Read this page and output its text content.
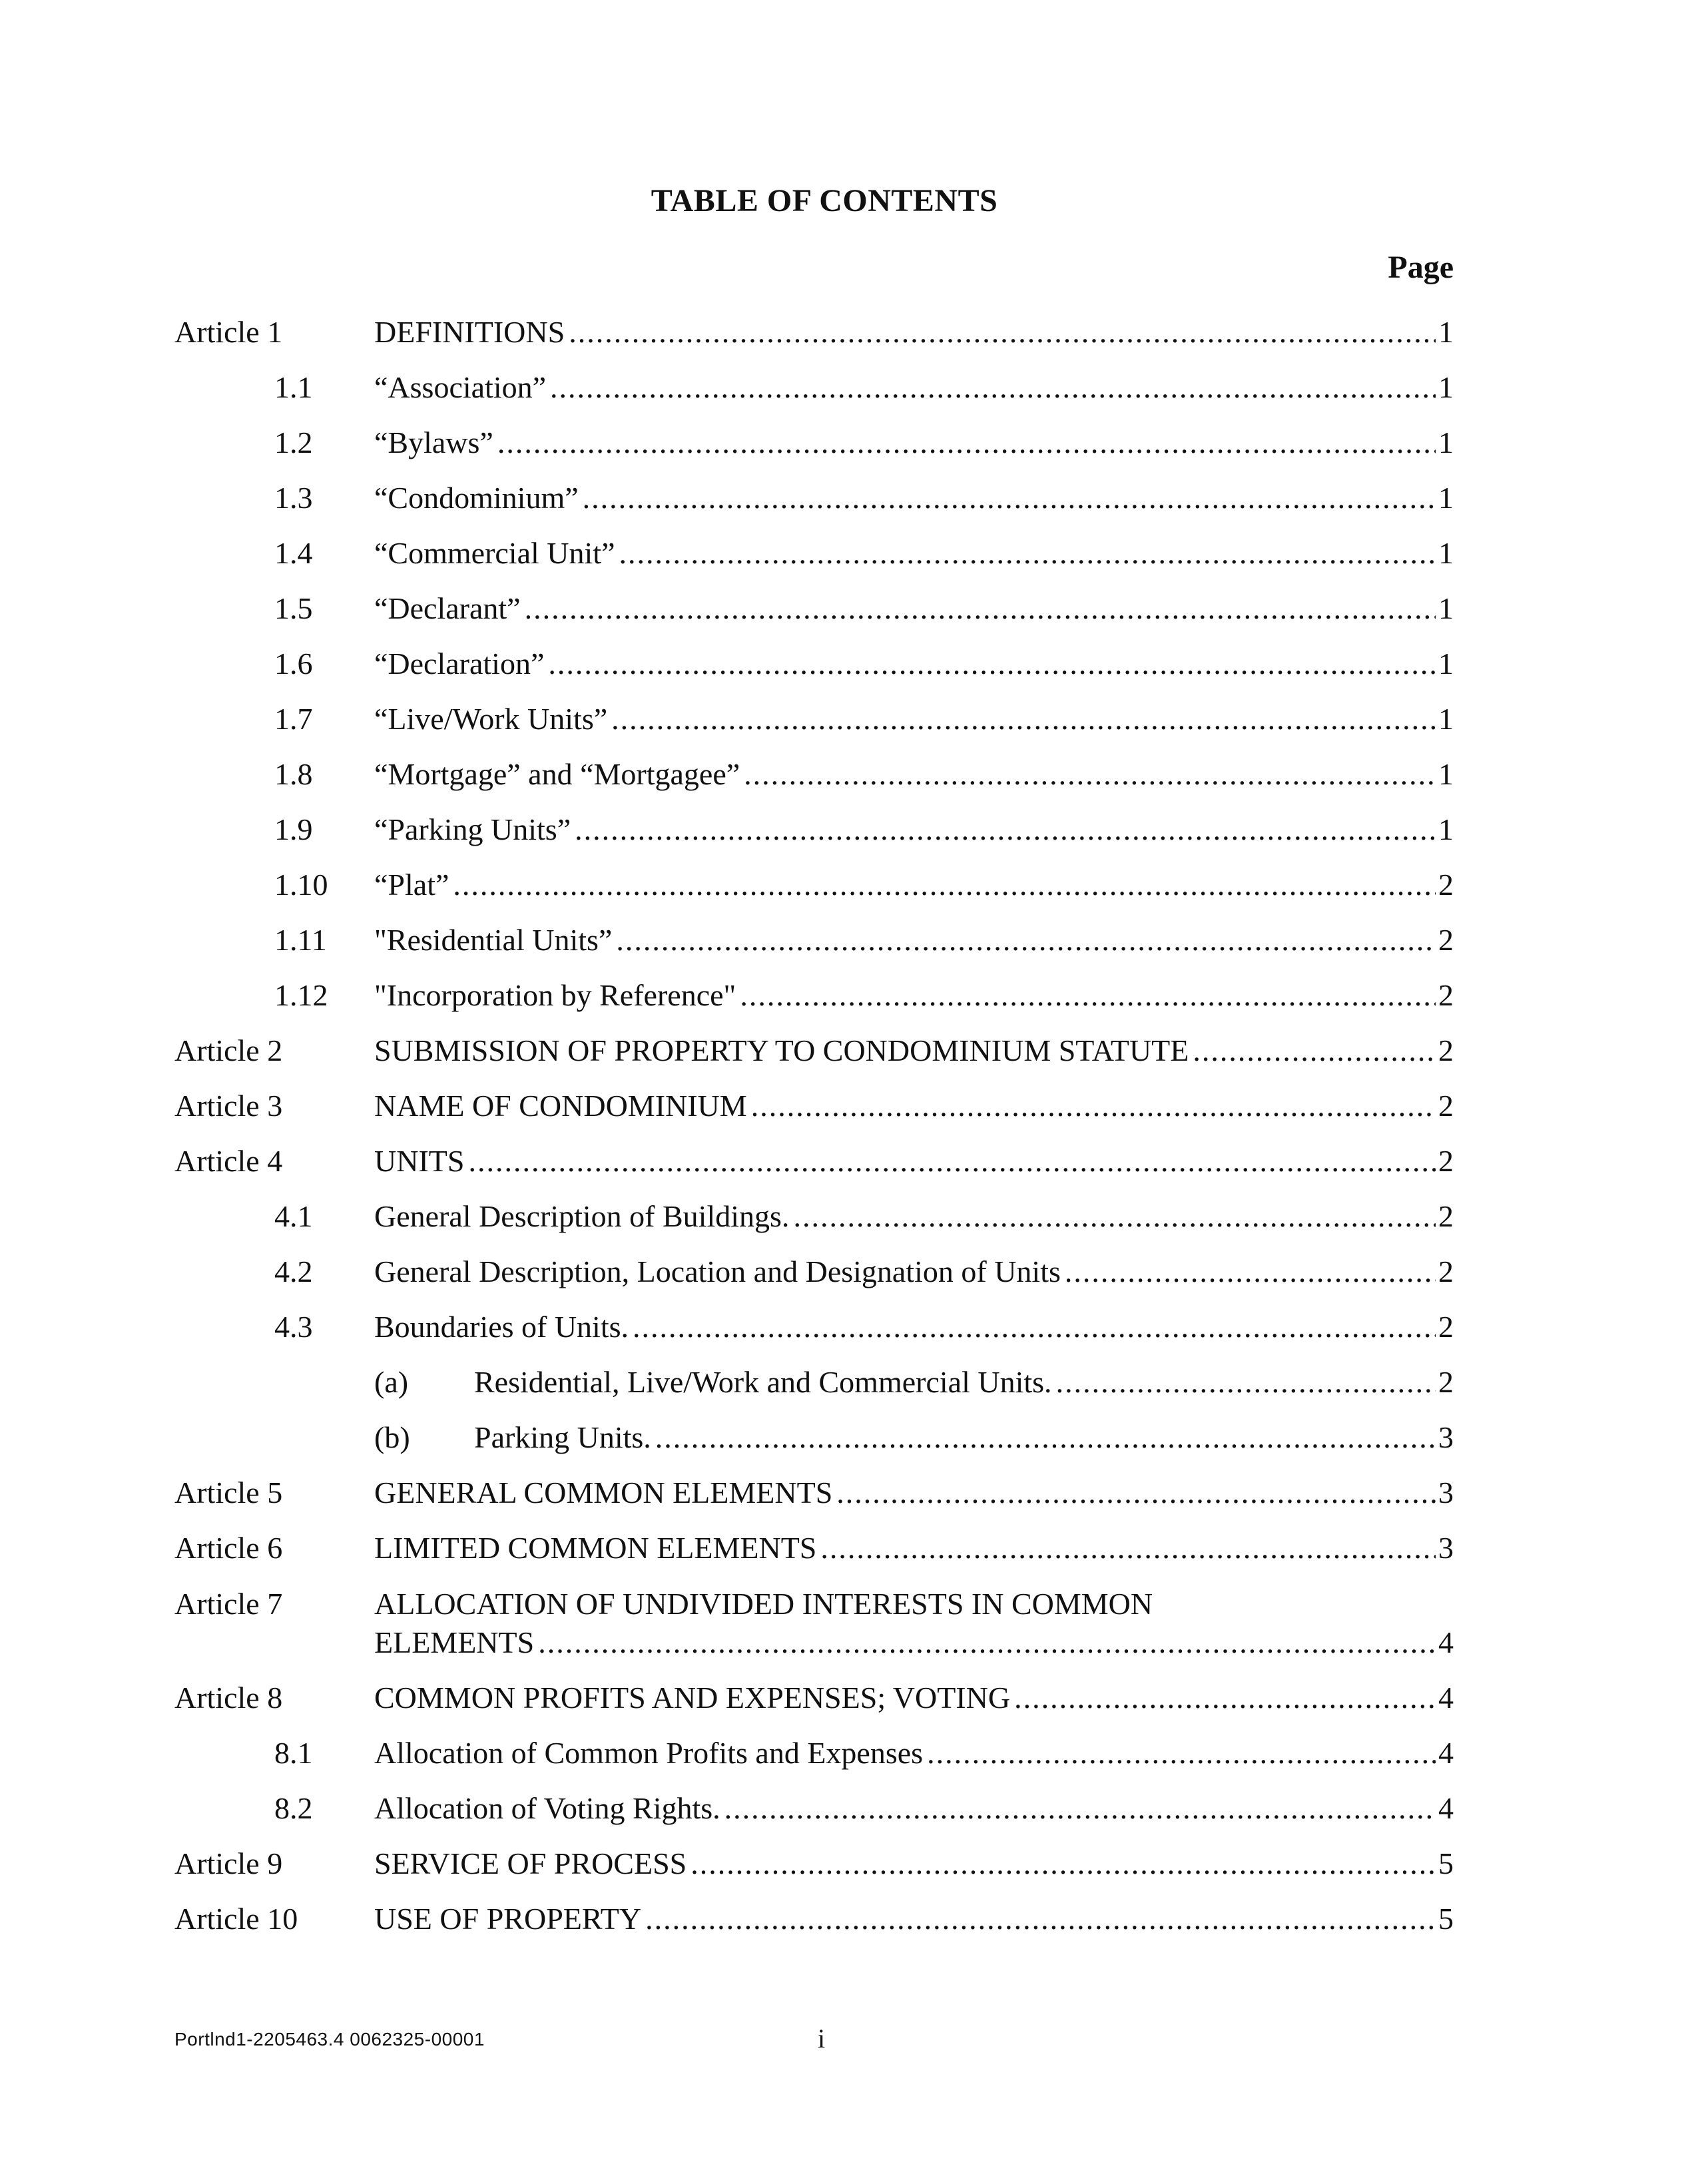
TABLE OF CONTENTS
Page
Article 1	DEFINITIONS .....	1
1.1 “Association” .....	1
1.2 “Bylaws” .....	1
1.3 “Condominium” .....	1
1.4 “Commercial Unit” .....	1
1.5 “Declarant” .....	1
1.6 “Declaration” .....	1
1.7 “Live/Work Units” .....	1
1.8 “Mortgage” and “Mortgagee” .....	1
1.9 “Parking Units” .....	1
1.10 “Plat” .....	2
1.11 "Residential Units” .....	2
1.12 "Incorporation by Reference" .....	2
Article 2	SUBMISSION OF PROPERTY TO CONDOMINIUM STATUTE .....	2
Article 3	NAME OF CONDOMINIUM .....	2
Article 4	UNITS .....	2
4.1 General Description of Buildings. .....	2
4.2 General Description, Location and Designation of Units .....	2
4.3 Boundaries of Units. .....	2
(a) Residential, Live/Work and Commercial Units. .....	2
(b) Parking Units. .....	3
Article 5	GENERAL COMMON ELEMENTS .....	3
Article 6	LIMITED COMMON ELEMENTS .....	3
Article 7	ALLOCATION OF UNDIVIDED INTERESTS IN COMMON
ELEMENTS .....	4
Article 8	COMMON PROFITS AND EXPENSES; VOTING .....	4
8.1 Allocation of Common Profits and Expenses .....	4
8.2 Allocation of Voting Rights. .....	4
Article 9	SERVICE OF PROCESS .....	5
Article 10 USE OF PROPERTY .....	5
Portlnd1-2205463.4 0062325-00001	i
